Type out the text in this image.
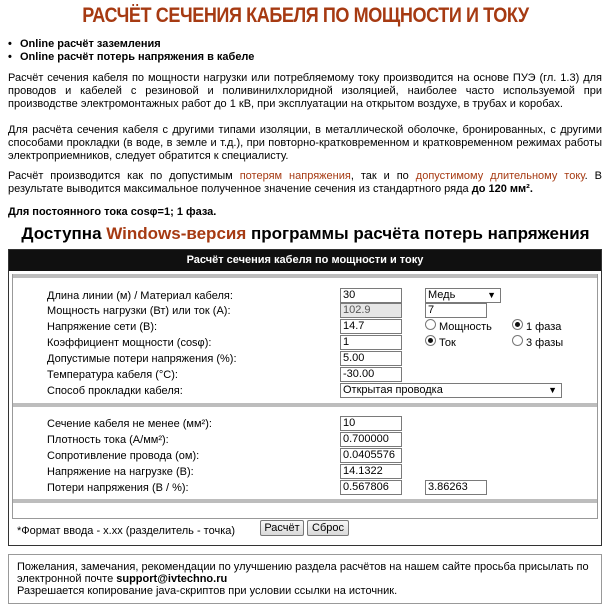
РАСЧЁТ СЕЧЕНИЯ КАБЕЛЯ ПО МОЩНОСТИ И ТОКУ
• Online расчёт заземления
• Online расчёт потерь напряжения в кабеле
Расчёт сечения кабеля по мощности нагрузки или потребляемому току производится на основе ПУЭ (гл. 1.3) для проводов и кабелей с резиновой и поливинилхлоридной изоляцией, наиболее часто используемой при производстве электромонтажных работ до 1 кВ, при эксплуатации на открытом воздухе, в трубах и коробах.
Для расчёта сечения кабеля с другими типами изоляции, в металлической оболочке, бронированных, с другими способами прокладки (в воде, в земле и т.д.), при повторно-кратковременном и кратковременном режимах работы электроприемников, следует обратится к специалисту.
Расчёт производится как по допустимым потерям напряжения, так и по допустимому длительному току. В результате выводится максимальное полученное значение сечения из стандартного ряда до 120 мм².
Для постоянного тока cosφ=1; 1 фаза.
Доступна Windows-версия программы расчёта потерь напряжения
Расчёт сечения кабеля по мощности и току
Длина линии (м) / Материал кабеля:	30	Медь	▼
Мощность нагрузки (Вт) или ток (А):	102.9	7
Напряжение сети (В):	14.7	Мощность	1 фаза
Коэффициент мощности (cosφ):	1	Ток	3 фазы
Допустимые потери напряжения (%):	5.00
Температура кабеля (°С):	-30.00
Способ прокладки кабеля:	Открытая проводка	▼
Сечение кабеля не менее (мм²):	10
Плотность тока (А/мм²):	0.700000
Сопротивление провода (ом):	0.0405576
Напряжение на нагрузке (В):	14.1322
Потери напряжения (В / %):	0.567806	3.86263
*Формат ввода - x.xx (разделитель - точка)	Расчёт	Сброс
Пожелания, замечания, рекомендации по улучшению раздела расчётов на нашем сайте просьба присылать по электронной почте support@ivtechno.ru
Разрешается копирование java-скриптов при условии ссылки на источник.
